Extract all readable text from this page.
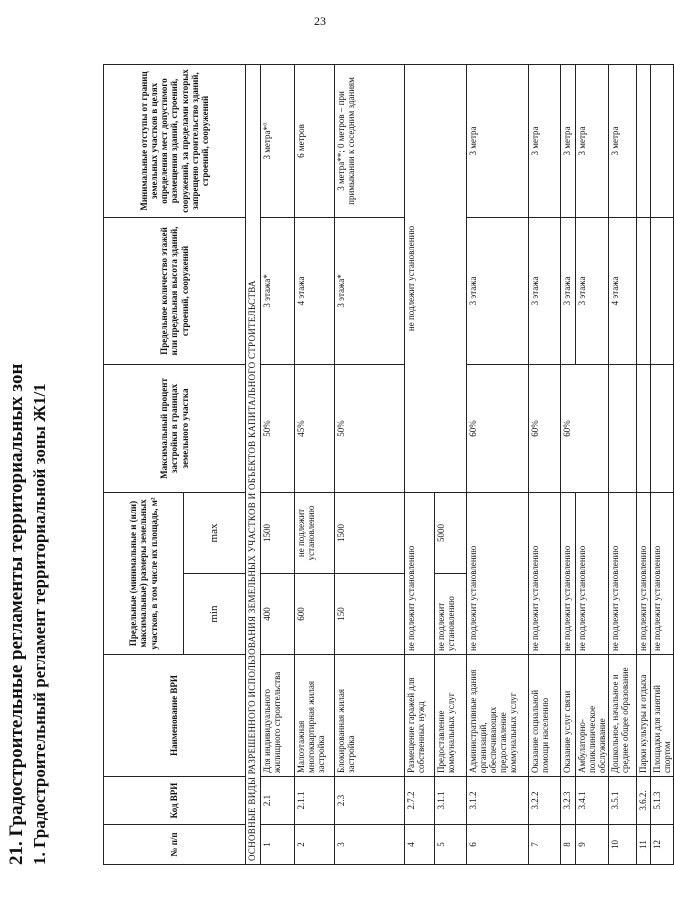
23
21. Градостроительные регламенты территориальных зон 1. Градостроительный регламент территориальной зоны Ж1/1	№ п/п	Код ВРИ	Наименование ВРИ	Предельные (минимальные и (или) максимальные) размеры земельных участков, в том числе их площадь, м²		Максимальный процент застройки в границах земельного участка	Предельное количество этажей или предельная высота зданий, строений, сооружений	Минимальные отступы от границ земельных участков в целях определения мест допустимого размещения зданий, строений, сооружений, за пределами которых запрещено строительство зданий, строений, сооружений
			min	max			
ОСНОВНЫЕ ВИДЫ РАЗРЕШЕННОГО ИСПОЛЬЗОВАНИЯ ЗЕМЕЛЬНЫХ УЧАСТКОВ И ОБЪЕКТОВ КАПИТАЛЬНОГО СТРОИТЕЛЬСТВА							
1	2.1	Для индивидуального жилищного строительства	400	1500	50%	3 этажа*	3 метра*°
2	2.1.1	Малоэтажная многоквартирная жилая застройка	600	не подлежит установлению	45%	4 этажа	6 метров
3	2.3	Блокированная жилая застройка	150	1500	50%	3 этажа*	3 метра**; 0 метров – при примыкании к соседним зданиям
4	2.7.2	Размещение гаражей для собственных нужд	не подлежит установлению		не подлежит установлению		
5	3.1.1	Предоставление коммунальных услуг	не подлежит установлению	5000			
6	3.1.2	Административные здания организаций, обеспечивающих предоставление коммунальных услуг	не подлежит установлению		60%	3 этажа	3 метра
7	3.2.2	Оказание социальной помощи населению	не подлежит установлению		60%	3 этажа	3 метра
8	3.2.3	Оказание услуг связи	не подлежит установлению		60%	3 этажа	3 метра
9	3.4.1	Амбулаторно-поликлиническое обслуживание	не подлежит установлению			3 этажа	3 метра
10	3.5.1	Дошкольное, начальное и среднее общее образование	не подлежит установлению			4 этажа	3 метра
11	3.6.2.	Парки культуры и отдыха	не подлежит установлению				
12	5.1.3	Площадки для занятий спортом	не подлежит установлению				
